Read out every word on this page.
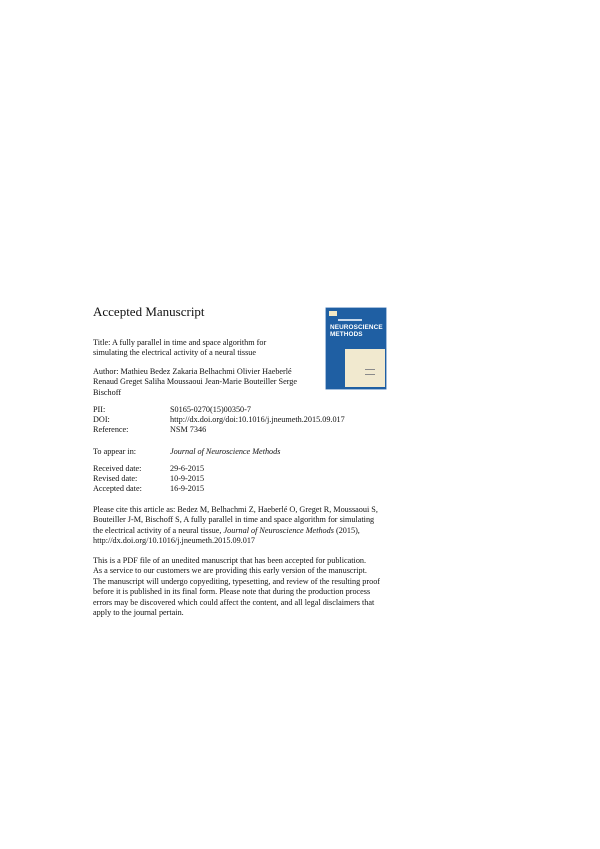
Accepted Manuscript
NEUROSCIENCE
METHODS
Title: A fully parallel in time and space algorithm for
simulating the electrical activity of a neural tissue
Author: Mathieu Bedez Zakaria Belhachmi Olivier Haeberlé
Renaud Greget Saliha Moussaoui Jean-Marie Bouteiller Serge
Bischoff
PII:	S0165-0270(15)00350-7
DOI:	http://dx.doi.org/doi:10.1016/j.jneumeth.2015.09.017
Reference:	NSM 7346
To appear in:	Journal of Neuroscience Methods
Received date:	29-6-2015
Revised date:	10-9-2015
Accepted date:	16-9-2015
Please cite this article as: Bedez M, Belhachmi Z, Haeberlé O, Greget R, Moussaoui S,
Bouteiller J-M, Bischoff S, A fully parallel in time and space algorithm for simulating
the electrical activity of a neural tissue, Journal of Neuroscience Methods (2015),
http://dx.doi.org/10.1016/j.jneumeth.2015.09.017
This is a PDF file of an unedited manuscript that has been accepted for publication.
As a service to our customers we are providing this early version of the manuscript.
The manuscript will undergo copyediting, typesetting, and review of the resulting proof
before it is published in its final form. Please note that during the production process
errors may be discovered which could affect the content, and all legal disclaimers that
apply to the journal pertain.
